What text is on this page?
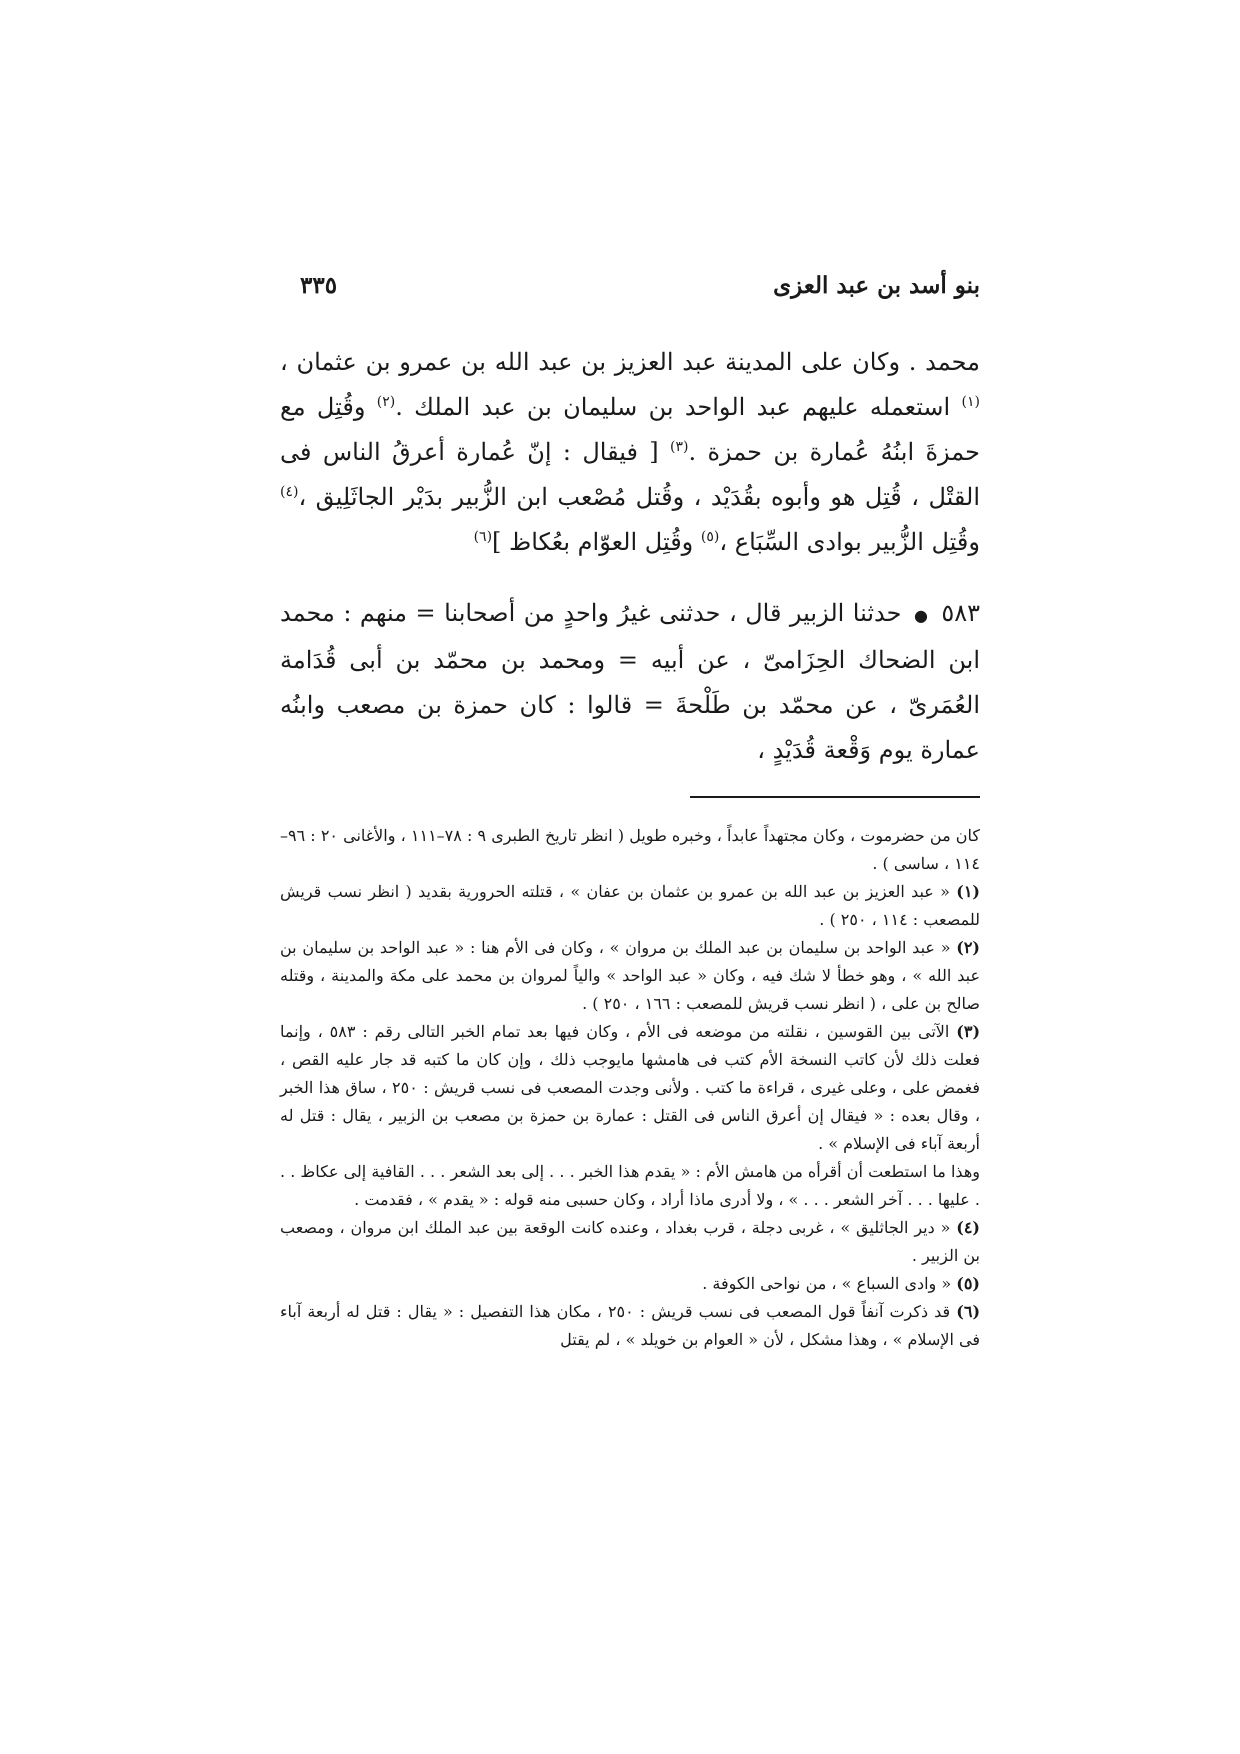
بنو أسد بن عبد العزى
٣٣٥

محمد . وكان على المدينة عبد العزيز بن عبد الله بن عمرو بن عثمان ،$^{(١)}$ استعمله عليهم عبد الواحد بن سليمان بن عبد الملك .$^{(٢)}$ وقُتِل مع حمزةَ ابنُهُ عُمارة بن حمزة .$^{(٣)}$ [ فيقال : إنّ عُمارة أعرقُ الناس فى القتْل ، قُتِل هو وأبوه بقُدَيْد ، وقُتل مُصْعب ابن الزُّبير بدَيْر الجاثَلِيق ،$^{(٤)}$ وقُتِل الزُّبير بوادى السِّبَاع ،$^{(٥)}$ وقُتِل العوّام بعُكاظ ]$^{(٦)}$

٥٨٣ ● حدثنا الزبير قال ، حدثنى غيرُ واحدٍ من أصحابنا = منهم : محمد ابن الضحاك الحِزَامىّ ، عن أبيه = ومحمد بن محمّد بن أبى قُدَامة العُمَرىّ ، عن محمّد بن طَلْحةَ = قالوا : كان حمزة بن مصعب وابنُه عمارة يوم وَقْعة قُدَيْدٍ ،

كان من حضرموت ، وكان مجتهداً عابداً ، وخبره طويل ( انظر تاريخ الطبرى ٩ : ٧٨–١١١ ، والأغانى ٢٠ : ٩٦–١١٤ ، ساسى ) .

(١) « عبد العزيز بن عبد الله بن عمرو بن عثمان بن عفان » ، قتلته الحرورية بقديد ( انظر نسب قريش للمصعب : ١١٤ ، ٢٥٠ ) .

(٢) « عبد الواحد بن سليمان بن عبد الملك بن مروان » ، وكان فى الأم هنا : « عبد الواحد بن سليمان بن عبد الله » ، وهو خطأ لا شك فيه ، وكان « عبد الواحد » والياً لمروان بن محمد على مكة والمدينة ، وقتله صالح بن على ، ( انظر نسب قريش للمصعب : ١٦٦ ، ٢٥٠ ) .

(٣) الآتى بين القوسين ، نقلته من موضعه فى الأم ، وكان فيها بعد تمام الخبر التالى رقم : ٥٨٣ ، وإنما فعلت ذلك لأن كاتب النسخة الأم كتب فى هامشها مايوجب ذلك ، وإن كان ما كتبه قد جار عليه القص ، فغمض على ، وعلى غيرى ، قراءة ما كتب . ولأنى وجدت المصعب فى نسب قريش : ٢٥٠ ، ساق هذا الخبر ، وقال بعده : « فيقال إن أعرق الناس فى القتل : عمارة بن حمزة بن مصعب بن الزبير ، يقال : قتل له أربعة آباء فى الإسلام » .

وهذا ما استطعت أن أقرأه من هامش الأم : « يقدم هذا الخبر . . . إلى بعد الشعر . . . القافية إلى عكاظ . . . عليها . . . آخر الشعر . . . » ، ولا أدرى ماذا أراد ، وكان حسبى منه قوله : « يقدم » ، فقدمت .

(٤) « دير الجاثليق » ، غربى دجلة ، قرب بغداد ، وعنده كانت الوقعة بين عبد الملك ابن مروان ، ومصعب بن الزبير .

(٥) « وادى السباع » ، من نواحى الكوفة .

(٦) قد ذكرت آنفاً قول المصعب فى نسب قريش : ٢٥٠ ، مكان هذا التفصيل : « يقال : قتل له أربعة آباء فى الإسلام » ، وهذا مشكل ، لأن « العوام بن خويلد » ، لم يقتل
